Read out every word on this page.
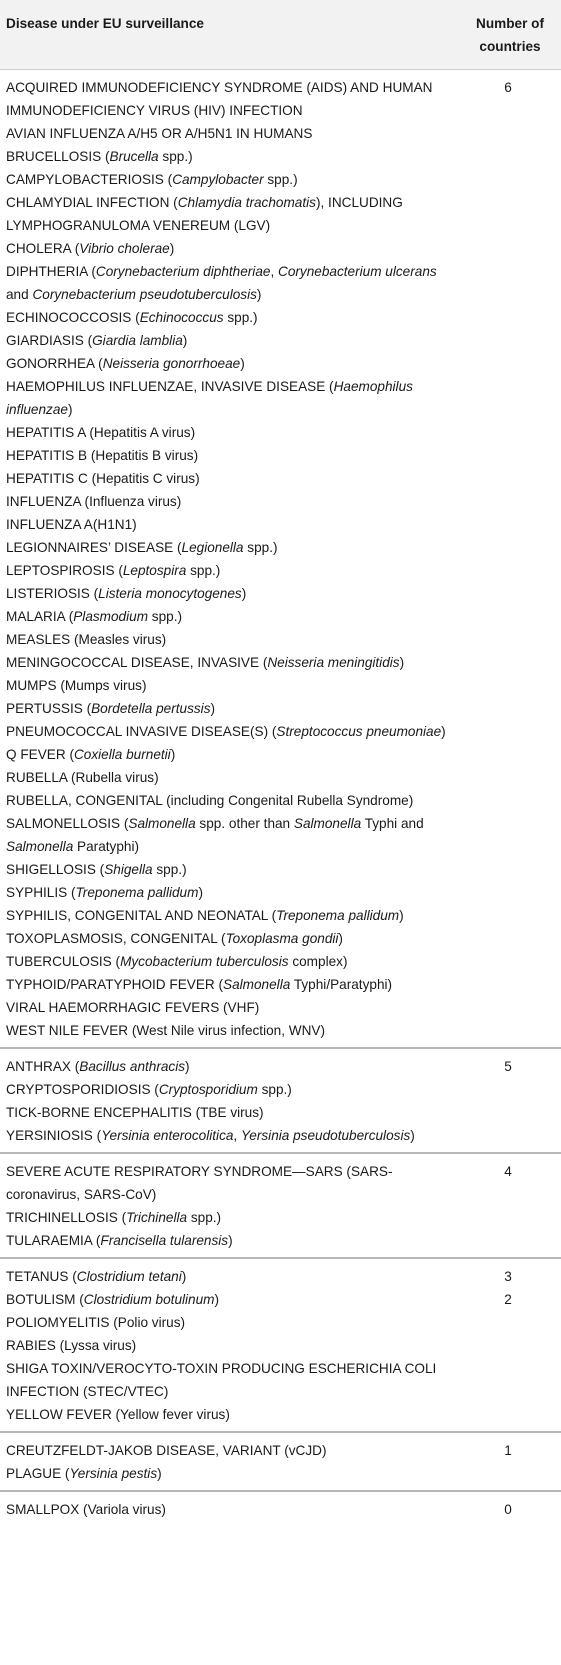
Disease under EU surveillance	Number of countries
ACQUIRED IMMUNODEFICIENCY SYNDROME (AIDS) AND HUMAN IMMUNODEFICIENCY VIRUS (HIV) INFECTION	6
AVIAN INFLUENZA A/H5 OR A/H5N1 IN HUMANS	
BRUCELLOSIS (Brucella spp.)	
CAMPYLOBACTERIOSIS (Campylobacter spp.)	
CHLAMYDIAL INFECTION (Chlamydia trachomatis), INCLUDING LYMPHOGRANULOMA VENEREUM (LGV)	
CHOLERA (Vibrio cholerae)	
DIPHTHERIA (Corynebacterium diphtheriae, Corynebacterium ulcerans and Corynebacterium pseudotuberculosis)	
ECHINOCOCCOSIS (Echinococcus spp.)	
GIARDIASIS (Giardia lamblia)	
GONORRHEA (Neisseria gonorrhoeae)	
HAEMOPHILUS INFLUENZAE, INVASIVE DISEASE (Haemophilus influenzae)	
HEPATITIS A (Hepatitis A virus)	
HEPATITIS B (Hepatitis B virus)	
HEPATITIS C (Hepatitis C virus)	
INFLUENZA (Influenza virus)	
INFLUENZA A(H1N1)	
LEGIONNAIRES’ DISEASE (Legionella spp.)	
LEPTOSPIROSIS (Leptospira spp.)	
LISTERIOSIS (Listeria monocytogenes)	
MALARIA (Plasmodium spp.)	
MEASLES (Measles virus)	
MENINGOCOCCAL DISEASE, INVASIVE (Neisseria meningitidis)	
MUMPS (Mumps virus)	
PERTUSSIS (Bordetella pertussis)	
PNEUMOCOCCAL INVASIVE DISEASE(S) (Streptococcus pneumoniae)	
Q FEVER (Coxiella burnetii)	
RUBELLA (Rubella virus)	
RUBELLA, CONGENITAL (including Congenital Rubella Syndrome)	
SALMONELLOSIS (Salmonella spp. other than Salmonella Typhi and Salmonella Paratyphi)	
SHIGELLOSIS (Shigella spp.)	
SYPHILIS (Treponema pallidum)	
SYPHILIS, CONGENITAL AND NEONATAL (Treponema pallidum)	
TOXOPLASMOSIS, CONGENITAL (Toxoplasma gondii)	
TUBERCULOSIS (Mycobacterium tuberculosis complex)	
TYPHOID/PARATYPHOID FEVER (Salmonella Typhi/Paratyphi)	
VIRAL HAEMORRHAGIC FEVERS (VHF)	
WEST NILE FEVER (West Nile virus infection, WNV)	
ANTHRAX (Bacillus anthracis)	5
CRYPTOSPORIDIOSIS (Cryptosporidium spp.)	
TICK-BORNE ENCEPHALITIS (TBE virus)	
YERSINIOSIS (Yersinia enterocolitica, Yersinia pseudotuberculosis)	
SEVERE ACUTE RESPIRATORY SYNDROME—SARS (SARS-coronavirus, SARS-CoV)	4
TRICHINELLOSIS (Trichinella spp.)	
TULARAEMIA (Francisella tularensis)	
TETANUS (Clostridium tetani)	3
BOTULISM (Clostridium botulinum)	2
POLIOMYELITIS (Polio virus)	
RABIES (Lyssa virus)	
SHIGA TOXIN/VEROCYTO-TOXIN PRODUCING ESCHERICHIA COLI INFECTION (STEC/VTEC)	
YELLOW FEVER (Yellow fever virus)	
CREUTZFELDT-JAKOB DISEASE, VARIANT (vCJD)	1
PLAGUE (Yersinia pestis)	
SMALLPOX (Variola virus)	0
